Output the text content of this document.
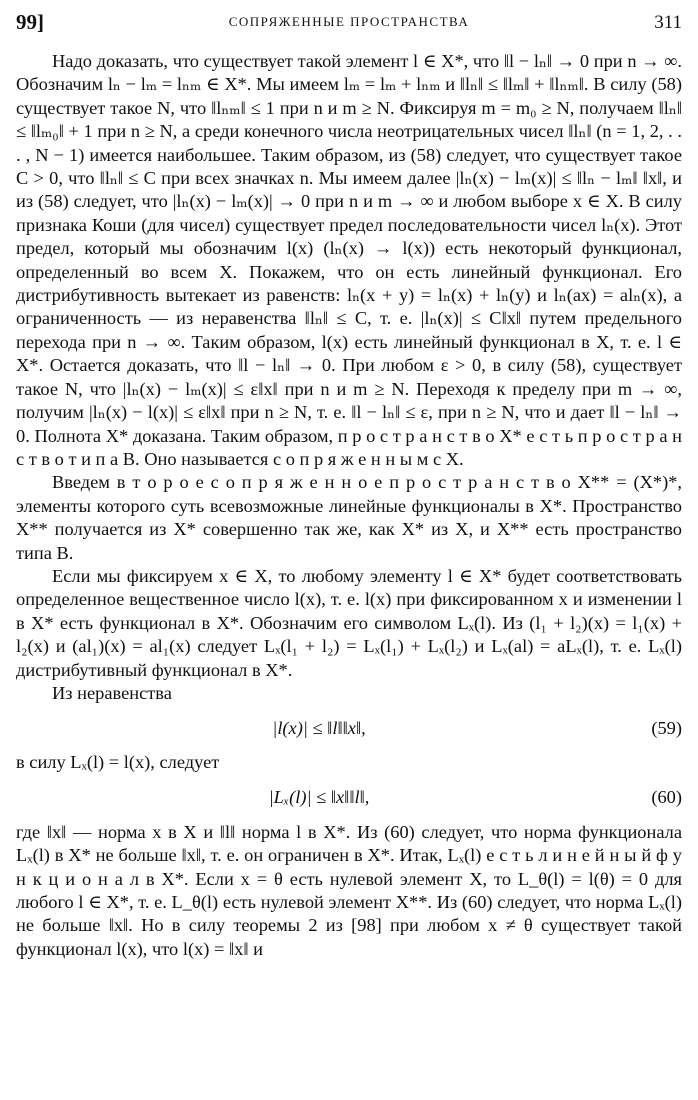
99]	СОПРЯЖЕННЫЕ ПРОСТРАНСТВА	311

Надо доказать, что существует такой элемент l ∈ X*, что ‖l − lₙ‖ → 0 при n → ∞. Обозначим lₙ − lₘ = lₙₘ ∈ X*. Мы имеем lₘ = lₘ + lₙₘ и ‖lₙ‖ ≤ ‖lₘ‖ + ‖lₙₘ‖. В силу (58) существует такое N, что ‖lₙₘ‖ ≤ 1 при n и m ≥ N. Фиксируя m = m₀ ≥ N, получаем ‖lₙ‖ ≤ ‖lₘ₀‖ + 1 при n ≥ N, а среди конечного числа неотрицательных чисел ‖lₙ‖ (n = 1, 2, . . . , N − 1) имеется наибольшее. Таким образом, из (58) следует, что существует такое C > 0, что ‖lₙ‖ ≤ C при всех значках n. Мы имеем далее |lₙ(x) − lₘ(x)| ≤ ‖lₙ − lₘ‖ ‖x‖, и из (58) следует, что |lₙ(x) − lₘ(x)| → 0 при n и m → ∞ и любом выборе x ∈ X. В силу признака Коши (для чисел) существует предел последовательности чисел lₙ(x). Этот предел, который мы обозначим l(x) (lₙ(x) → l(x)) есть некоторый функционал, определенный во всем X. Покажем, что он есть линейный функционал. Его дистрибутивность вытекает из равенств: lₙ(x + y) = lₙ(x) + lₙ(y) и lₙ(ax) = alₙ(x), а ограниченность — из неравенства ‖lₙ‖ ≤ C, т. е. |lₙ(x)| ≤ C‖x‖ путем предельного перехода при n → ∞. Таким образом, l(x) есть линейный функционал в X, т. е. l ∈ X*. Остается доказать, что ‖l − lₙ‖ → 0. При любом ε > 0, в силу (58), существует такое N, что |lₙ(x) − lₘ(x)| ≤ ε‖x‖ при n и m ≥ N. Переходя к пределу при m → ∞, получим |lₙ(x) − l(x)| ≤ ε‖x‖ при n ≥ N, т. е. ‖l − lₙ‖ ≤ ε, при n ≥ N, что и дает ‖l − lₙ‖ → 0. Полнота X* доказана. Таким образом, п р о с т р а н с т в о X* е с т ь п р о с т р а н с т в о т и п а B. Оно называется с о п р я ж е н н ы м с X.

Введем в т о р о е с о п р я ж е н н о е п р о с т р а н с т в о X** = (X*)*, элементы которого суть всевозможные линейные функционалы в X*. Пространство X** получается из X* совершенно так же, как X* из X, и X** есть пространство типа B.

Если мы фиксируем x ∈ X, то любому элементу l ∈ X* будет соответствовать определенное вещественное число l(x), т. е. l(x) при фиксированном x и изменении l в X* есть функционал в X*. Обозначим его символом Lₓ(l). Из (l₁ + l₂)(x) = l₁(x) + l₂(x) и (al₁)(x) = al₁(x) следует Lₓ(l₁ + l₂) = Lₓ(l₁) + Lₓ(l₂) и Lₓ(al) = aLₓ(l), т. е. Lₓ(l) дистрибутивный функционал в X*.

Из неравенства

|l(x)| ≤ ‖l‖‖x‖,	(59)

в силу Lₓ(l) = l(x), следует

|Lₓ(l)| ≤ ‖x‖‖l‖,	(60)

где ‖x‖ — норма x в X и ‖l‖ норма l в X*. Из (60) следует, что норма функционала Lₓ(l) в X* не больше ‖x‖, т. е. он ограничен в X*. Итак, Lₓ(l) е с т ь л и н е й н ы й ф у н к ц и о н а л в X*. Если x = θ есть нулевой элемент X, то L_θ(l) = l(θ) = 0 для любого l ∈ X*, т. е. L_θ(l) есть нулевой элемент X**. Из (60) следует, что норма Lₓ(l) не больше ‖x‖. Но в силу теоремы 2 из [98] при любом x ≠ θ существует такой функционал l(x), что l(x) = ‖x‖ и
